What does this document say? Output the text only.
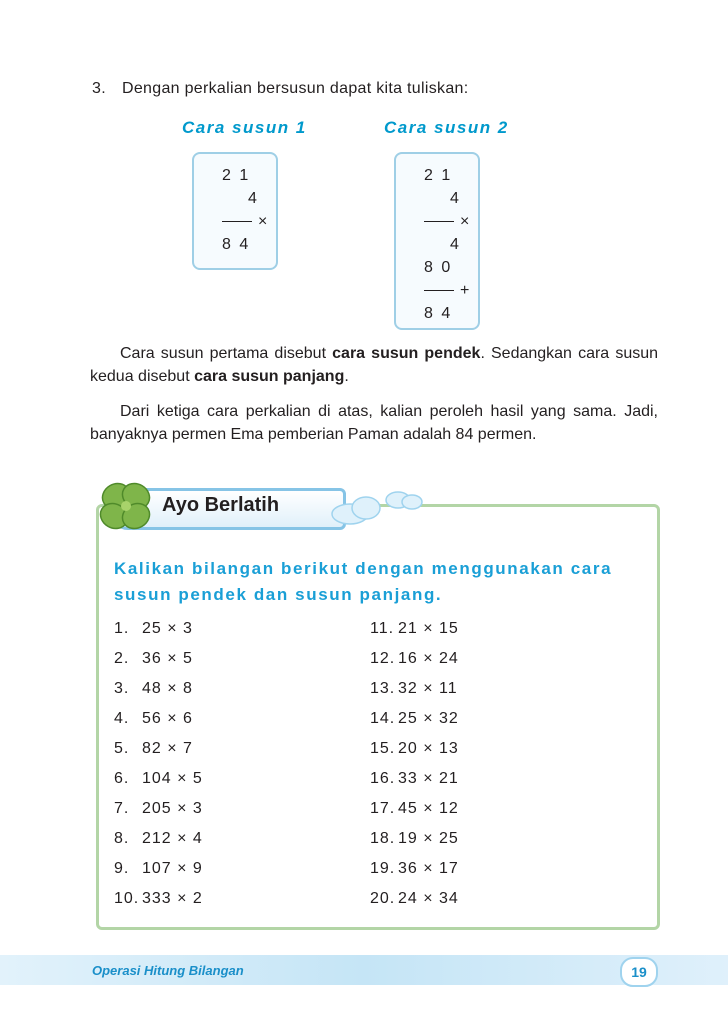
3. Dengan perkalian bersusun dapat kita tuliskan:
Cara susun 1	Cara susun 2
2 1
4
×
8 4
2 1
4
×
4
8 0
+
8 4

Cara susun pertama disebut cara susun pendek. Sedangkan cara susun kedua disebut cara susun panjang.

Dari ketiga cara perkalian di atas, kalian peroleh hasil yang sama. Jadi, banyaknya permen Ema pemberian Paman adalah 84 permen.

Ayo Berlatih
Kalikan bilangan berikut dengan menggunakan cara susun pendek dan susun panjang.
1. 25 × 3
2. 36 × 5
3. 48 × 8
4. 56 × 6
5. 82 × 7
6. 104 × 5
7. 205 × 3
8. 212 × 4
9. 107 × 9
10. 333 × 2
11. 21 × 15
12. 16 × 24
13. 32 × 11
14. 25 × 32
15. 20 × 13
16. 33 × 21
17. 45 × 12
18. 19 × 25
19. 36 × 17
20. 24 × 34
Operasi Hitung Bilangan	19
